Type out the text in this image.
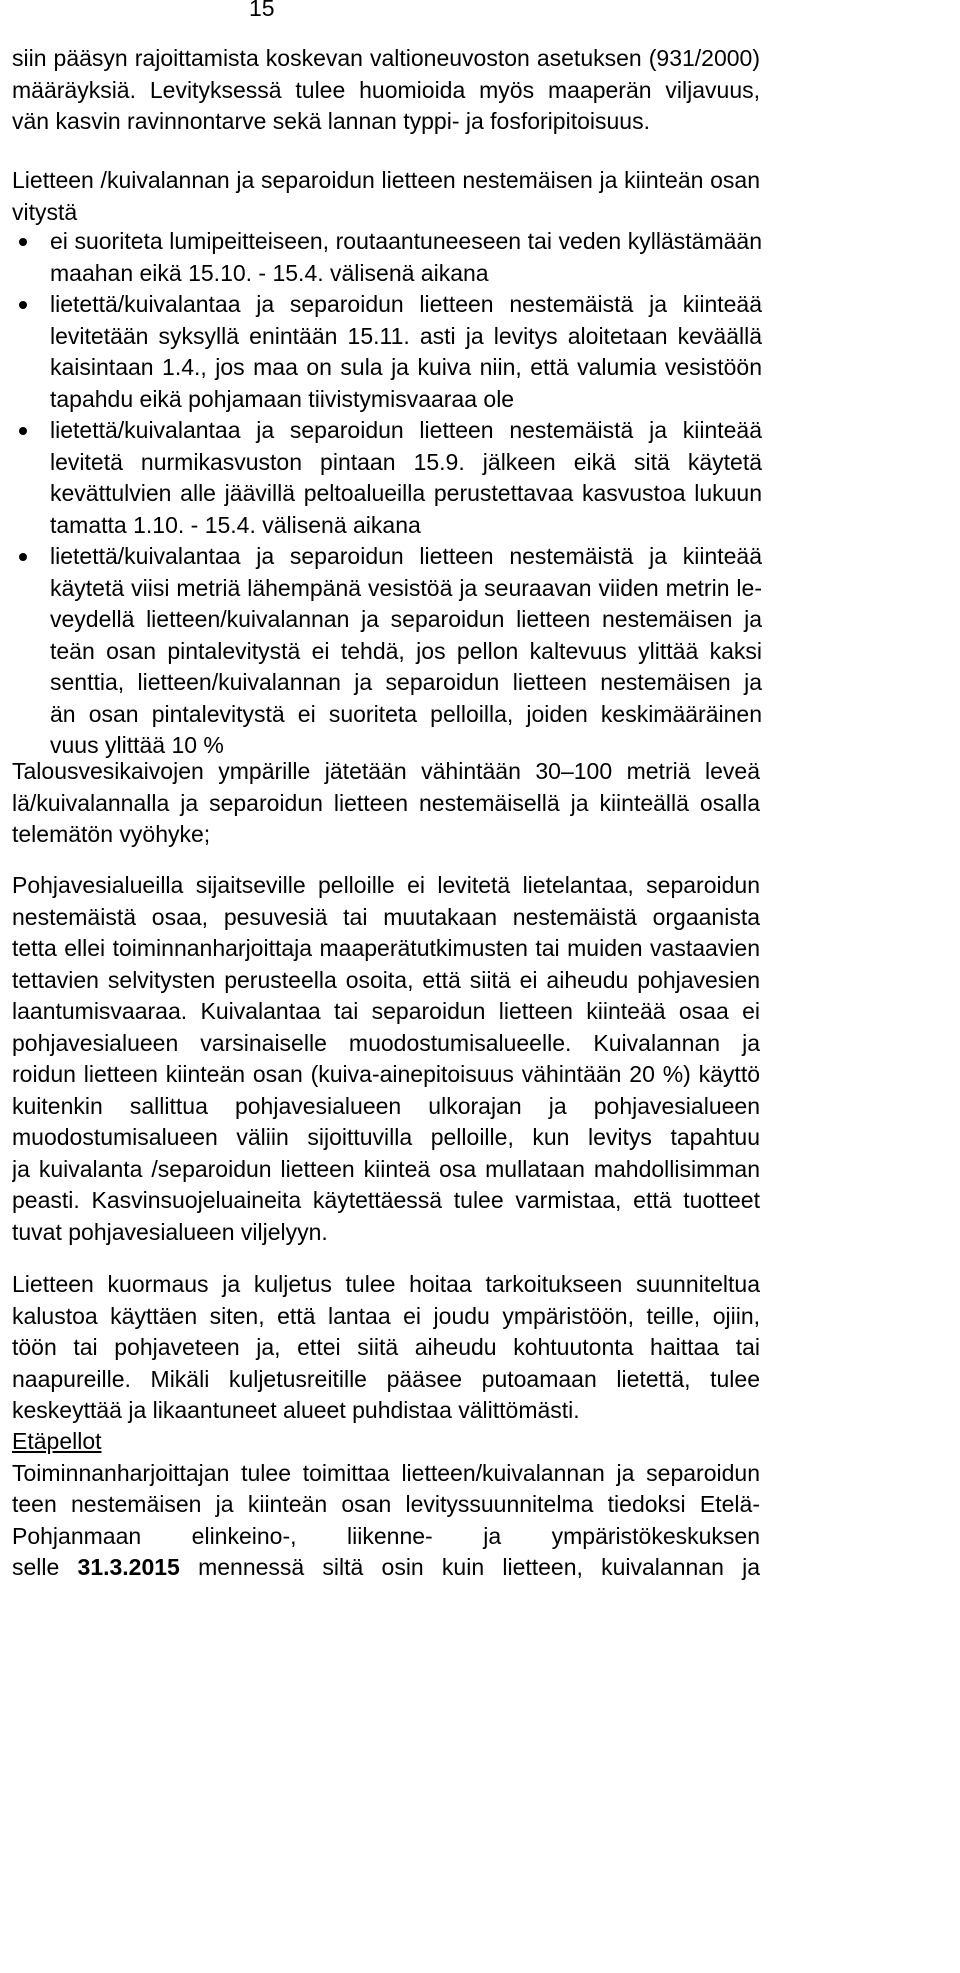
15
siin pääsyn rajoittamista koskevan valtioneuvoston asetuksen (931/2000)
määräyksiä. Levityksessä tulee huomioida myös maaperän viljavuus,
vän kasvin ravinnontarve sekä lannan typpi- ja fosforipitoisuus.
Lietteen /kuivalannan ja separoidun lietteen nestemäisen ja kiinteän osan
vitystä
ei suoriteta lumipeitteiseen, routaantuneeseen tai veden kyllästämään
maahan eikä 15.10. - 15.4. välisenä aikana
lietettä/kuivalantaa ja separoidun lietteen nestemäistä ja kiinteää
levitetään syksyllä enintään 15.11. asti ja levitys aloitetaan keväällä
kaisintaan 1.4., jos maa on sula ja kuiva niin, että valumia vesistöön
tapahdu eikä pohjamaan tiivistymisvaaraa ole
lietettä/kuivalantaa ja separoidun lietteen nestemäistä ja kiinteää
levitetä nurmikasvuston pintaan 15.9. jälkeen eikä sitä käytetä
kevättulvien alle jäävillä peltoalueilla perustettavaa kasvustoa lukuun
tamatta 1.10. - 15.4. välisenä aikana
lietettä/kuivalantaa ja separoidun lietteen nestemäistä ja kiinteää
käytetä viisi metriä lähempänä vesistöä ja seuraavan viiden metrin le-
veydellä lietteen/kuivalannan ja separoidun lietteen nestemäisen ja
teän osan pintalevitystä ei tehdä, jos pellon kaltevuus ylittää kaksi
senttia, lietteen/kuivalannan ja separoidun lietteen nestemäisen ja
än osan pintalevitystä ei suoriteta pelloilla, joiden keskimääräinen
vuus ylittää 10 %
Talousvesikaivojen ympärille jätetään vähintään 30–100 metriä leveä
lä/kuivalannalla ja separoidun lietteen nestemäisellä ja kiinteällä osalla
telemätön vyöhyke;
Pohjavesialueilla sijaitseville pelloille ei levitetä lietelantaa, separoidun
nestemäistä osaa, pesuvesiä tai muutakaan nestemäistä orgaanista
tetta ellei toiminnanharjoittaja maaperätutkimusten tai muiden vastaavien
tettavien selvitysten perusteella osoita, että siitä ei aiheudu pohjavesien
laantumisvaaraa. Kuivalantaa tai separoidun lietteen kiinteää osaa ei
pohjavesialueen varsinaiselle muodostumisalueelle. Kuivalannan ja
roidun lietteen kiinteän osan (kuiva-ainepitoisuus vähintään 20 %) käyttö
kuitenkin sallittua pohjavesialueen ulkorajan ja pohjavesialueen
muodostumisalueen väliin sijoittuvilla pelloille, kun levitys tapahtuu
ja kuivalanta /separoidun lietteen kiinteä osa mullataan mahdollisimman
peasti. Kasvinsuojeluaineita käytettäessä tulee varmistaa, että tuotteet
tuvat pohjavesialueen viljelyyn.
Lietteen kuormaus ja kuljetus tulee hoitaa tarkoitukseen suunniteltua
kalustoa käyttäen siten, että lantaa ei joudu ympäristöön, teille, ojiin,
töön tai pohjaveteen ja, ettei siitä aiheudu kohtuutonta haittaa tai
naapureille. Mikäli kuljetusreitille pääsee putoamaan lietettä, tulee
keskeyttää ja likaantuneet alueet puhdistaa välittömästi.
Etäpellot
Toiminnanharjoittajan tulee toimittaa lietteen/kuivalannan ja separoidun
teen nestemäisen ja kiinteän osan levityssuunnitelma tiedoksi Etelä-
Pohjanmaan elinkeino-, liikenne- ja ympäristökeskuksen
selle 31.3.2015 mennessä siltä osin kuin lietteen, kuivalannan ja
